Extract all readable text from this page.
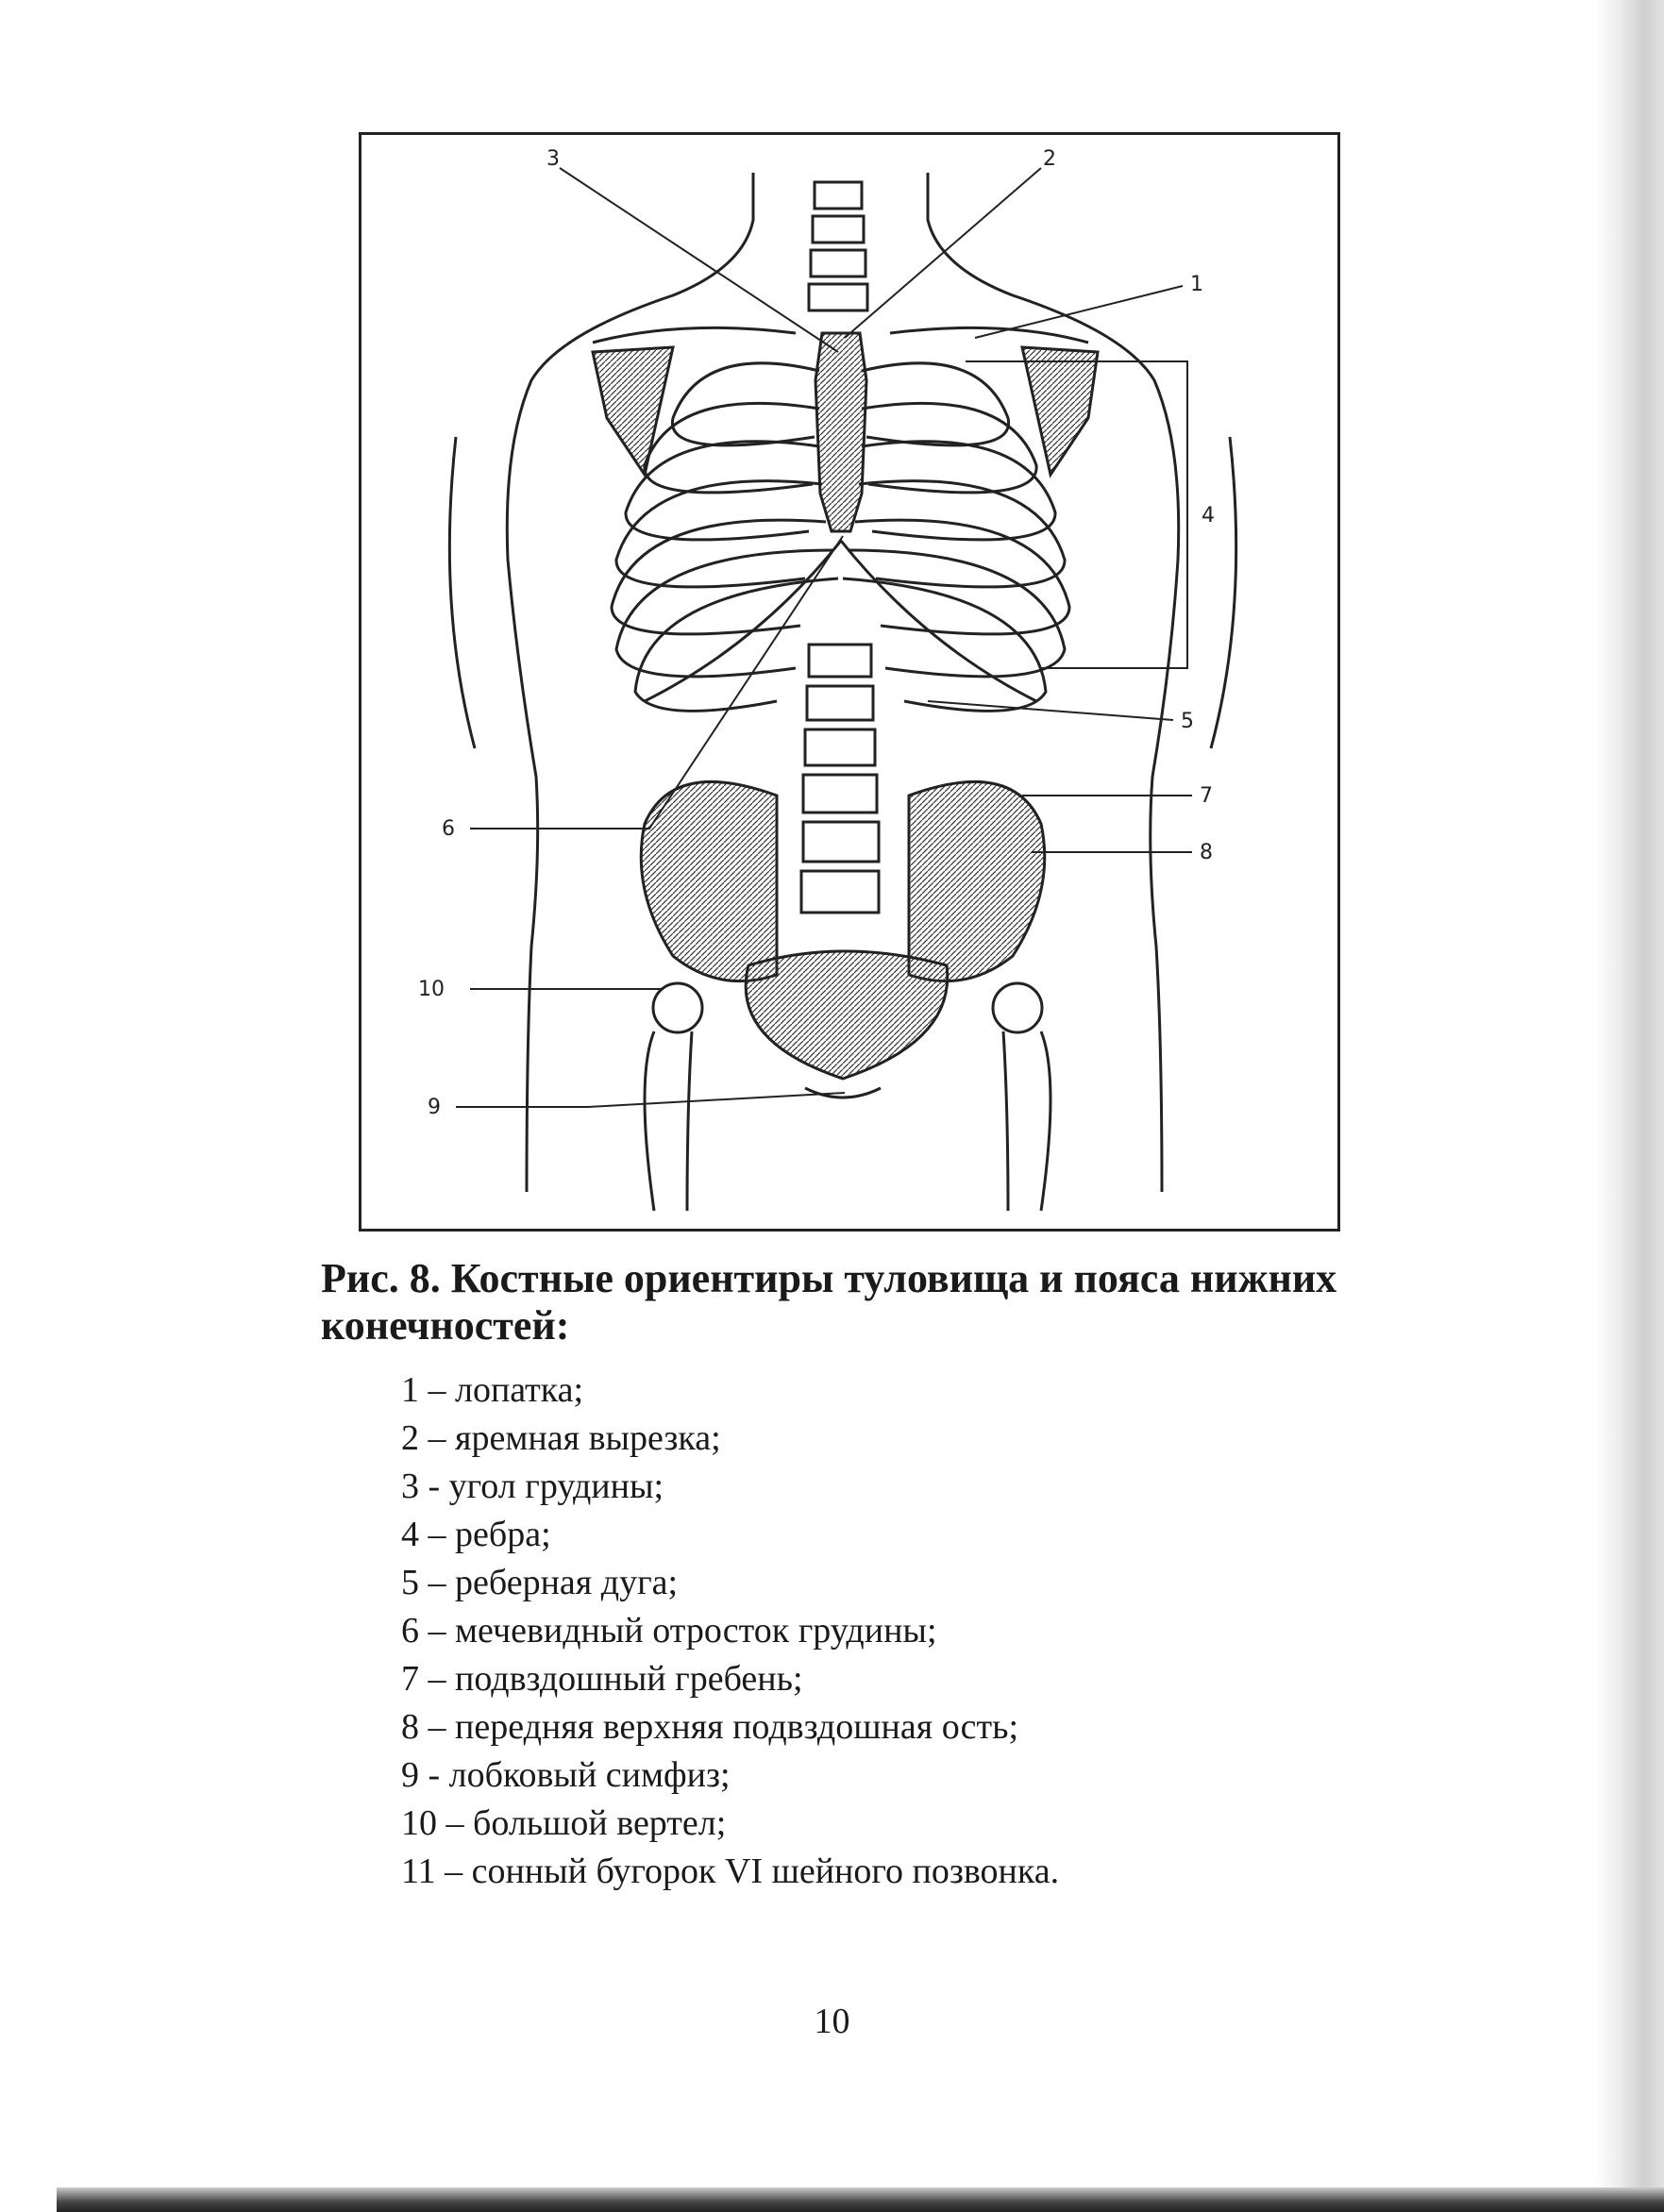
1
2
3
4
5
6
7
8
9
10
Рис. 8. Костные ориентиры туловища и пояса нижних конечностей:
1 – лопатка;
2 – яремная вырезка;
3 - угол грудины;
4 – ребра;
5 – реберная дуга;
6 – мечевидный отросток грудины;
7 – подвздошный гребень;
8 – передняя верхняя подвздошная ость;
9 - лобковый симфиз;
10 – большой вертел;
11 – сонный бугорок VI шейного позвонка.
10
